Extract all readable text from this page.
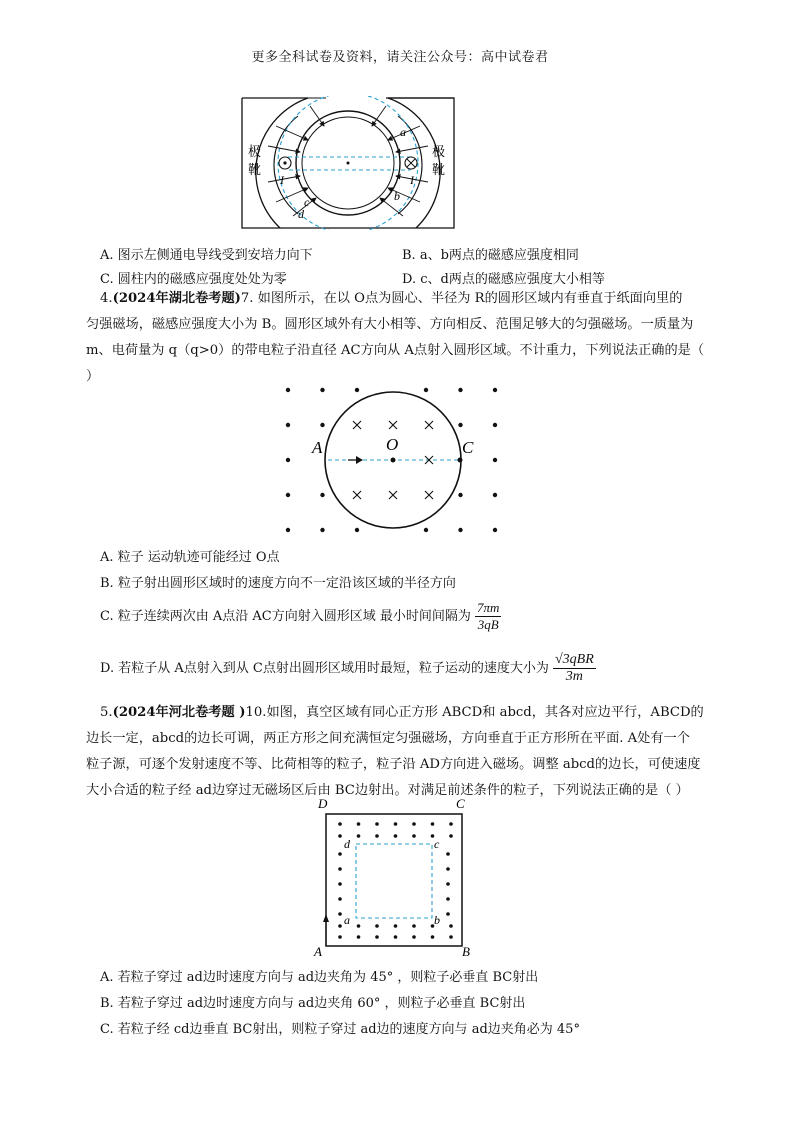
更多全科试卷及资料，请关注公众号：高中试卷君
I	I
a
b
c
d
极
靴
极
靴
A. 图示左侧通电导线受到安培力向下	B. a、b两点的磁感应强度相同
C. 圆柱内的磁感应强度处处为零	D. c、d两点的磁感应强度大小相等
4.(2024年湖北卷考题)7. 如图所示，在以 O点为圆心、半径为 R的圆形区域内有垂直于纸面向里的
匀强磁场，磁感应强度大小为 B。圆形区域外有大小相等、方向相反、范围足够大的匀强磁场。一质量为
m、电荷量为 q（q>0）的带电粒子沿直径 AC方向从 A点射入圆形区域。不计重力，下列说法正确的是（
）
A	O	C
A. 粒子 运动轨迹可能经过 O点
B. 粒子射出圆形区域时的速度方向不一定沿该区域的半径方向
C. 粒子连续两次由 A点沿 AC方向射入圆形区域 最小时间间隔为 $\frac{7\pi m}{3qB}$
D. 若粒子从 A点射入到从 C点射出圆形区域用时最短，粒子运动的速度大小为 $\frac{\text{√3qBR}}{3m}$
5.(2024年河北卷考题 )10.如图，真空区域有同心正方形 ABCD和 abcd，其各对应边平行，ABCD的
边长一定，abcd的边长可调，两正方形之间充满恒定匀强磁场，方向垂直于正方形所在平面. A处有一个
粒子源，可逐个发射速度不等、比荷相等的粒子，粒子沿 AD方向进入磁场。调整 abcd的边长，可使速度
大小合适的粒子经 ad边穿过无磁场区后由 BC边射出。对满足前述条件的粒子，下列说法正确的是（ ）
D	C
A	B
d	c
a	b
A. 若粒子穿过 ad边时速度方向与 ad边夹角为 45° ，则粒子必垂直 BC射出
B. 若粒子穿过 ad边时速度方向与 ad边夹角 60° ，则粒子必垂直 BC射出
C. 若粒子经 cd边垂直 BC射出，则粒子穿过 ad边的速度方向与 ad边夹角必为 45°
